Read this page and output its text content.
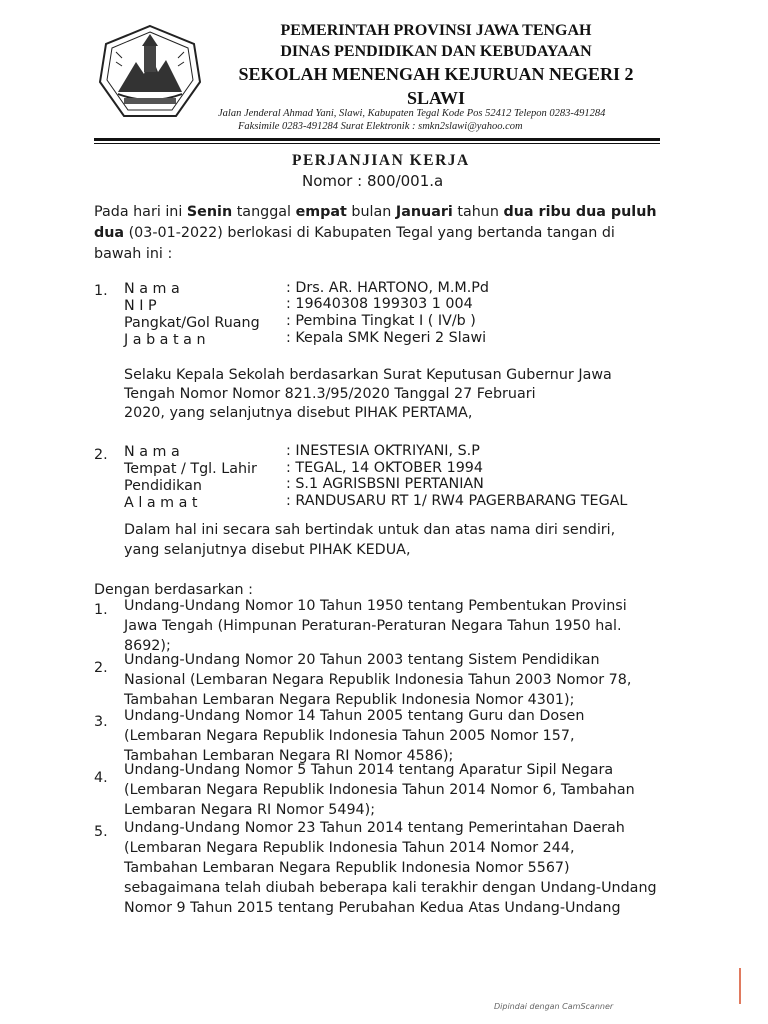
PEMERINTAH PROVINSI JAWA TENGAH
DINAS PENDIDIKAN DAN KEBUDAYAAN
SEKOLAH MENENGAH KEJURUAN NEGERI 2
SLAWI
Jalan Jenderal Ahmad Yani, Slawi, Kabupaten Tegal Kode Pos 52412 Telepon 0283-491284
Faksimile 0283-491284 Surat Elektronik : smkn2slawi@yahoo.com
PERJANJIAN KERJA
Nomor : 800/001.a
Pada hari ini Senin tanggal empat bulan Januari tahun dua ribu dua puluh
dua (03-01-2022) berlokasi di Kabupaten Tegal yang bertanda tangan di
bawah ini :
1. N a m a	: Drs. AR. HARTONO, M.M.Pd
N I P	: 19640308 199303 1 004
Pangkat/Gol Ruang : Pembina Tingkat I ( IV/b )
J a b a t a n	: Kepala SMK Negeri 2 Slawi
Selaku Kepala Sekolah berdasarkan Surat Keputusan Gubernur Jawa
Tengah Nomor Nomor 821.3/95/2020 Tanggal 27 Februari
2020, yang selanjutnya disebut PIHAK PERTAMA,
2. N a m a	: INESTESIA OKTRIYANI, S.P
Tempat / Tgl. Lahir : TEGAL, 14 OKTOBER 1994
Pendidikan	: S.1 AGRISBSNI PERTANIAN
A l a m a t	: RANDUSARU RT 1/ RW4 PAGERBARANG TEGAL
Dalam hal ini secara sah bertindak untuk dan atas nama diri sendiri,
yang selanjutnya disebut PIHAK KEDUA,
Dengan berdasarkan :
1. Undang-Undang Nomor 10 Tahun 1950 tentang Pembentukan Provinsi
Jawa Tengah (Himpunan Peraturan-Peraturan Negara Tahun 1950 hal.
8692);
2. Undang-Undang Nomor 20 Tahun 2003 tentang Sistem Pendidikan
Nasional (Lembaran Negara Republik Indonesia Tahun 2003 Nomor 78,
Tambahan Lembaran Negara Republik Indonesia Nomor 4301);
3. Undang-Undang Nomor 14 Tahun 2005 tentang Guru dan Dosen
(Lembaran Negara Republik Indonesia Tahun 2005 Nomor 157,
Tambahan Lembaran Negara RI Nomor 4586);
4. Undang-Undang Nomor 5 Tahun 2014 tentang Aparatur Sipil Negara
(Lembaran Negara Republik Indonesia Tahun 2014 Nomor 6, Tambahan
Lembaran Negara RI Nomor 5494);
5. Undang-Undang Nomor 23 Tahun 2014 tentang Pemerintahan Daerah
(Lembaran Negara Republik Indonesia Tahun 2014 Nomor 244,
Tambahan Lembaran Negara Republik Indonesia Nomor 5567)
sebagaimana telah diubah beberapa kali terakhir dengan Undang-Undang
Nomor 9 Tahun 2015 tentang Perubahan Kedua Atas Undang-Undang
Dipindai dengan CamScanner
